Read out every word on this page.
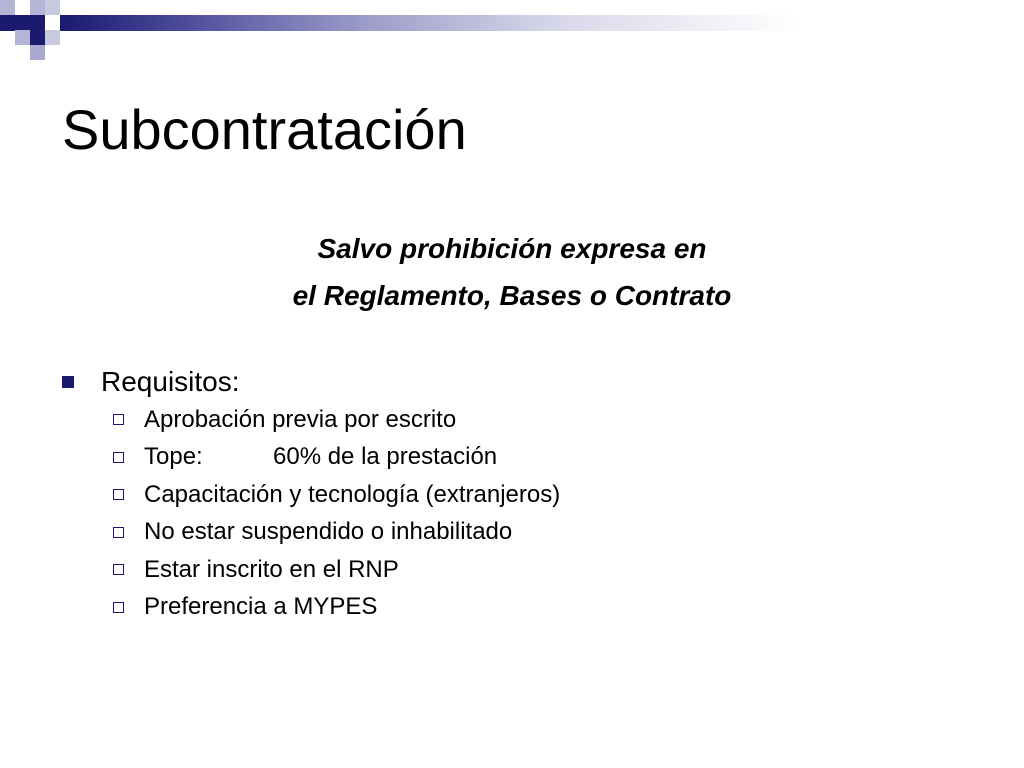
Subcontratación
Salvo prohibición expresa en
el Reglamento, Bases o Contrato
Requisitos:
Aprobación previa por escrito
Tope:	60% de la prestación
Capacitación y tecnología (extranjeros)
No estar suspendido o inhabilitado
Estar inscrito en el RNP
Preferencia a MYPES
